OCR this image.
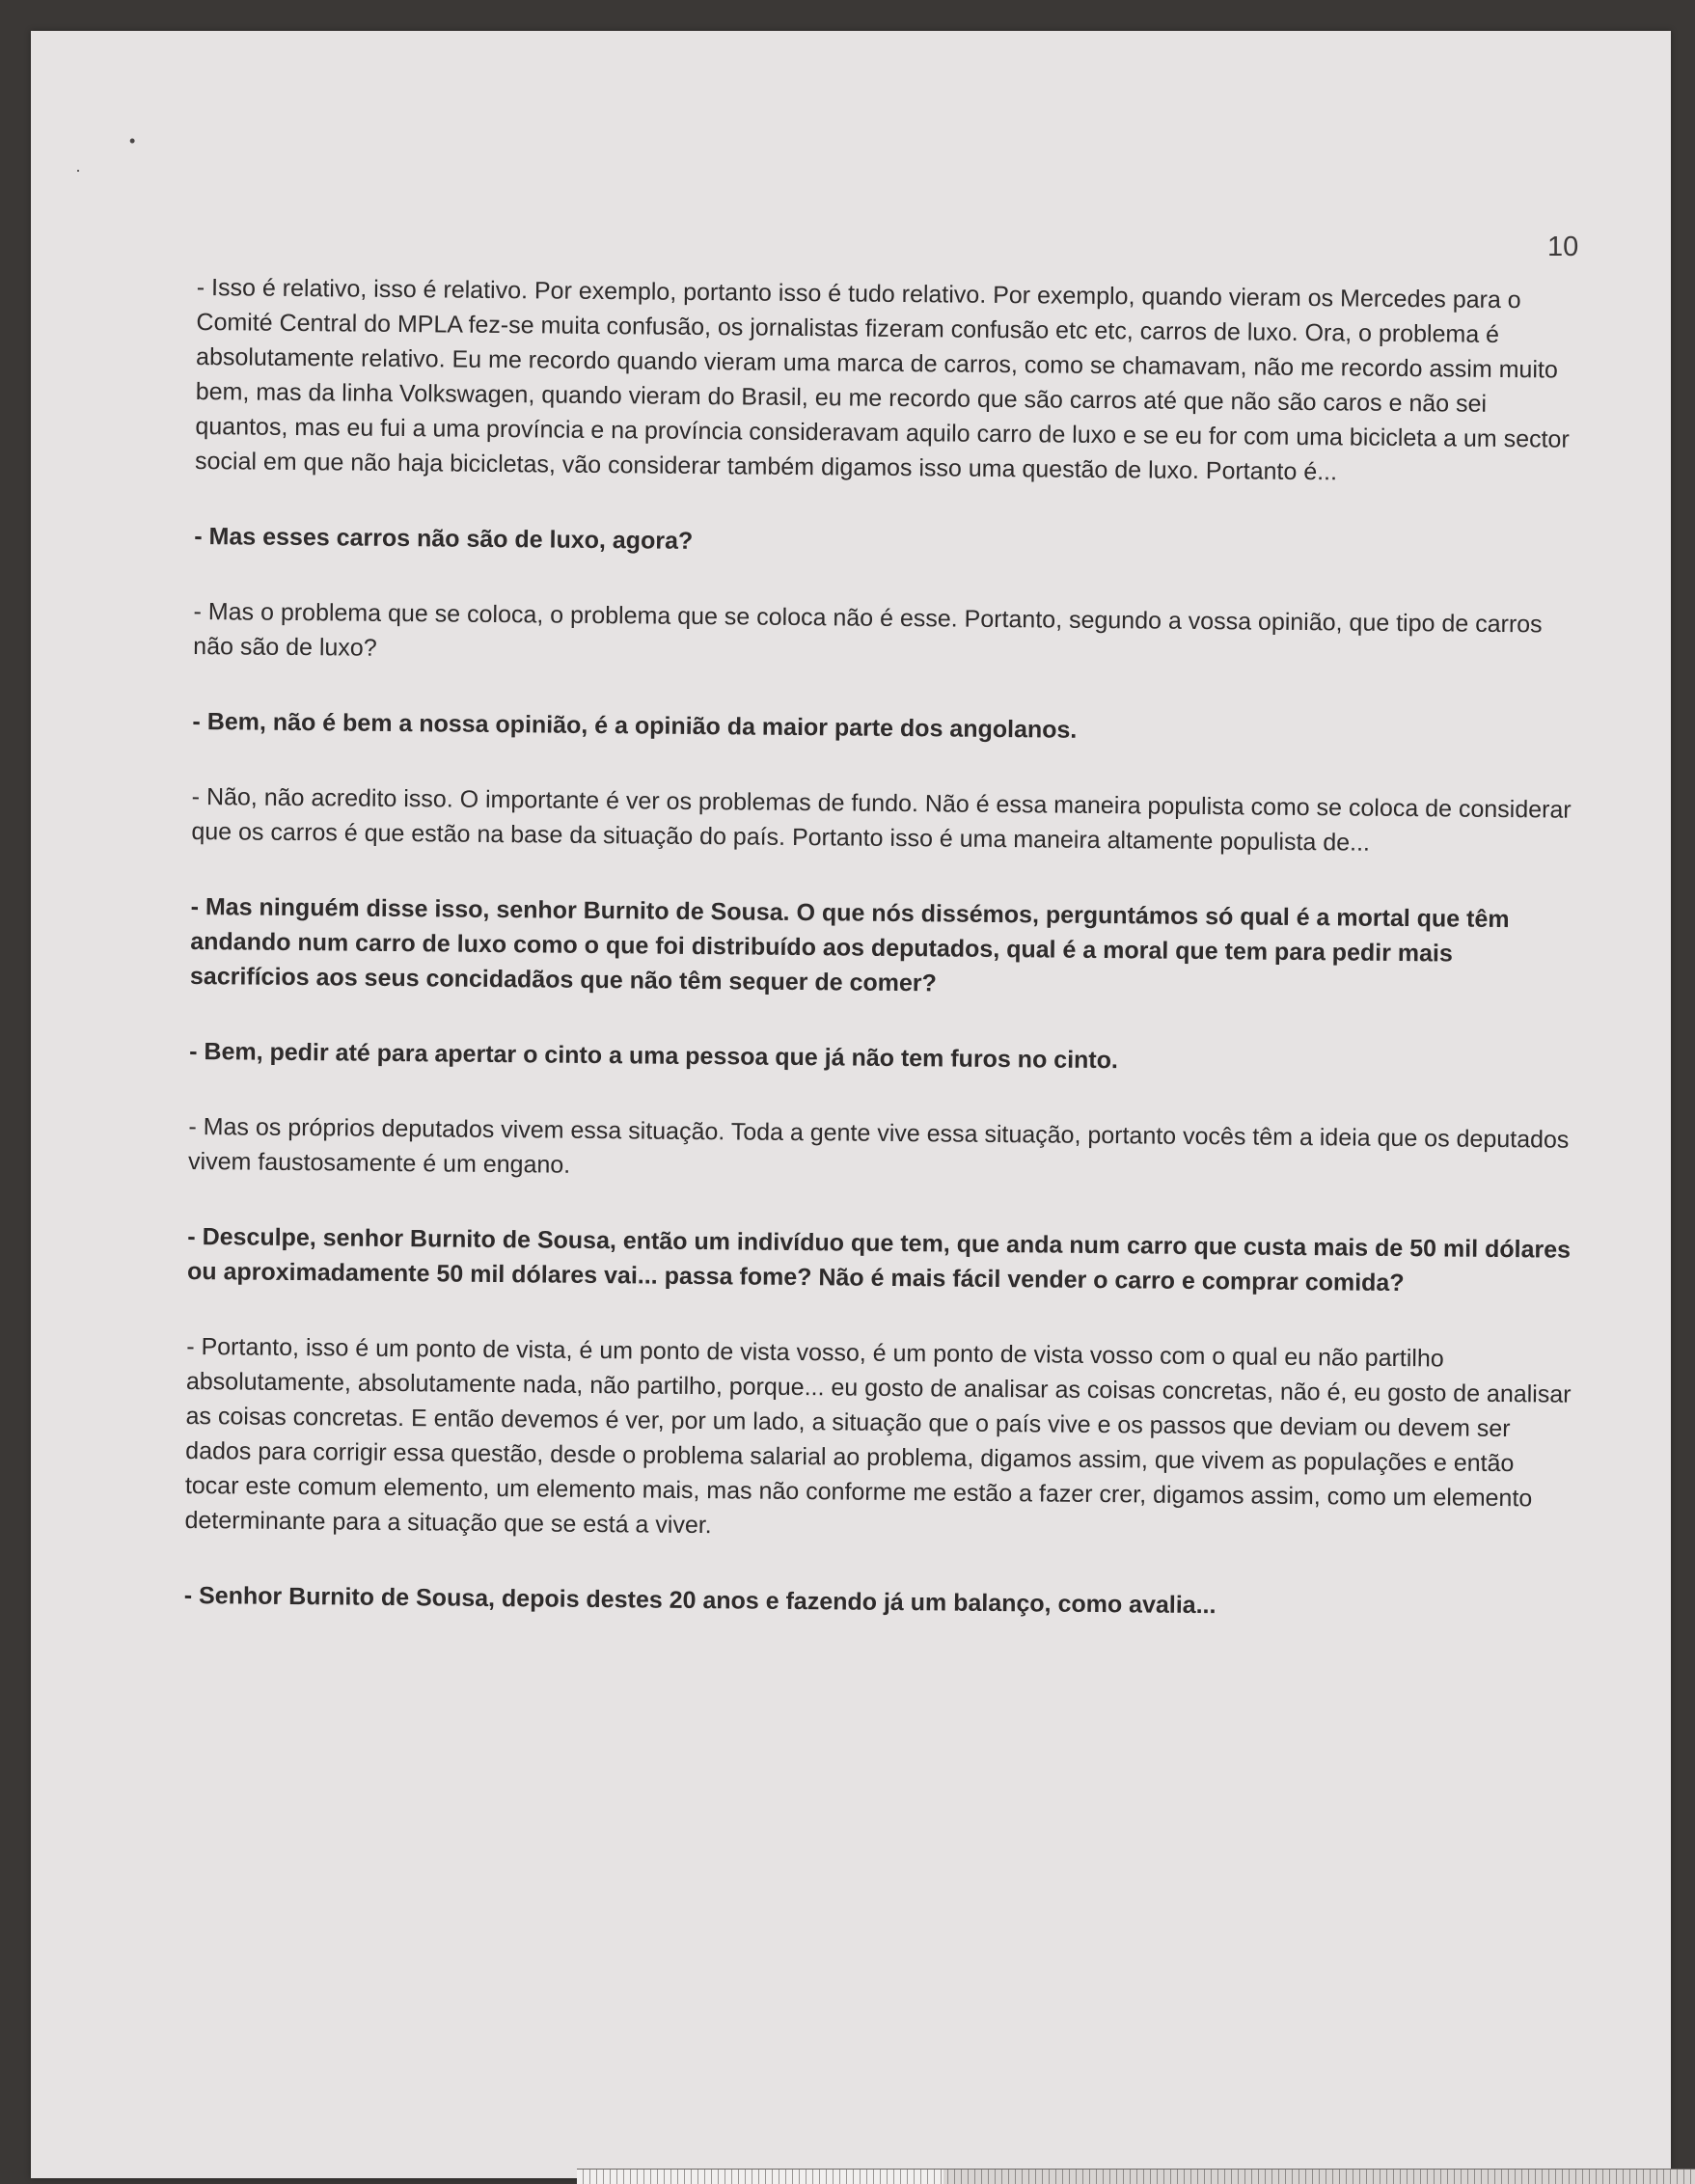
•
·
10

- Isso é relativo, isso é relativo. Por exemplo, portanto isso é tudo relativo. Por exemplo, quando vieram os Mercedes para o Comité Central do MPLA fez-se muita confusão, os jornalistas fizeram confusão etc etc, carros de luxo. Ora, o problema é absolutamente relativo. Eu me recordo quando vieram uma marca de carros, como se chamavam, não me recordo assim muito bem, mas da linha Volkswagen, quando vieram do Brasil, eu me recordo que são carros até que não são caros e não sei quantos, mas eu fui a uma província e na província consideravam aquilo carro de luxo e se eu for com uma bicicleta a um sector social em que não haja bicicletas, vão considerar também digamos isso uma questão de luxo. Portanto é...

- Mas esses carros não são de luxo, agora?

- Mas o problema que se coloca, o problema que se coloca não é esse. Portanto, segundo a vossa opinião, que tipo de carros não são de luxo?

- Bem, não é bem a nossa opinião, é a opinião da maior parte dos angolanos.

- Não, não acredito isso. O importante é ver os problemas de fundo. Não é essa maneira populista como se coloca de considerar que os carros é que estão na base da situação do país. Portanto isso é uma maneira altamente populista de...

- Mas ninguém disse isso, senhor Burnito de Sousa. O que nós dissémos, perguntámos só qual é a mortal que têm andando num carro de luxo como o que foi distribuído aos deputados, qual é a moral que tem para pedir mais sacrifícios aos seus concidadãos que não têm sequer de comer?

- Bem, pedir até para apertar o cinto a uma pessoa que já não tem furos no cinto.

- Mas os próprios deputados vivem essa situação. Toda a gente vive essa situação, portanto vocês têm a ideia que os deputados vivem faustosamente é um engano.

- Desculpe, senhor Burnito de Sousa, então um indivíduo que tem, que anda num carro que custa mais de 50 mil dólares ou aproximadamente 50 mil dólares vai... passa fome? Não é mais fácil vender o carro e comprar comida?

- Portanto, isso é um ponto de vista, é um ponto de vista vosso, é um ponto de vista vosso com o qual eu não partilho absolutamente, absolutamente nada, não partilho, porque... eu gosto de analisar as coisas concretas, não é, eu gosto de analisar as coisas concretas. E então devemos é ver, por um lado, a situação que o país vive e os passos que deviam ou devem ser dados para corrigir essa questão, desde o problema salarial ao problema, digamos assim, que vivem as populações e então tocar este comum elemento, um elemento mais, mas não conforme me estão a fazer crer, digamos assim, como um elemento determinante para a situação que se está a viver.

- Senhor Burnito de Sousa, depois destes 20 anos e fazendo já um balanço, como avalia...
